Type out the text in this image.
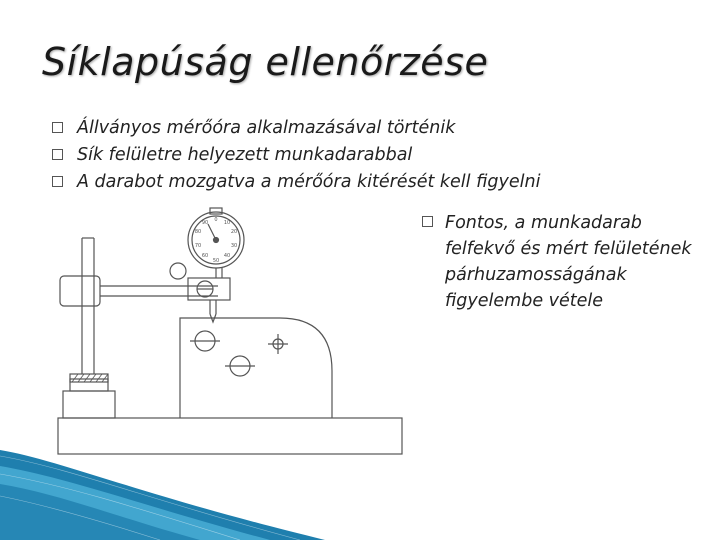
Síklapúság ellenőrzése
Állványos mérőóra alkalmazásával történik
Sík felületre helyezett munkadarabbal
A darabot mozgatva a mérőóra kitérését kell figyelni
0 10
20
30
40
50
60
70
80
90	Fontos, a munkadarab felfekvő és mért felületének párhuzamosságának figyelembe vétele
